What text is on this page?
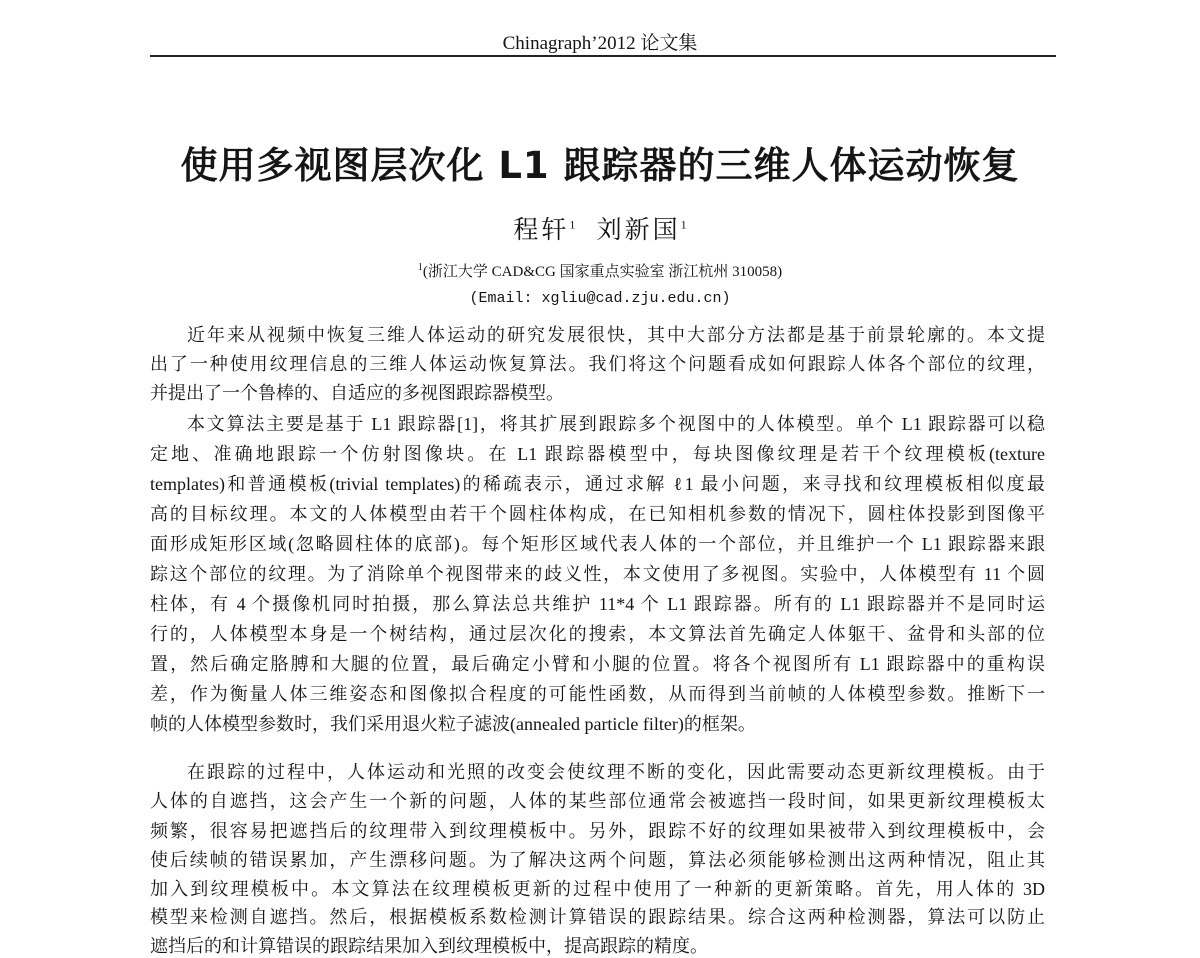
Chinagraph’2012 论文集
使用多视图层次化 L1 跟踪器的三维人体运动恢复
程轩$^1$ 刘新国$^1$
$^1$(浙江大学 CAD&CG 国家重点实验室 浙江杭州 310058)
(Email: xgliu@cad.zju.edu.cn)
近年来从视频中恢复三维人体运动的研究发展很快，其中大部分方法都是基于前景轮廓的。本文提
出了一种使用纹理信息的三维人体运动恢复算法。我们将这个问题看成如何跟踪人体各个部位的纹理，
并提出了一个鲁棒的、自适应的多视图跟踪器模型。
本文算法主要是基于 L1 跟踪器[1]，将其扩展到跟踪多个视图中的人体模型。单个 L1 跟踪器可以稳
定地、准确地跟踪一个仿射图像块。在 L1 跟踪器模型中，每块图像纹理是若干个纹理模板(texture
templates)和普通模板(trivial templates)的稀疏表示，通过求解 ℓ1 最小问题，来寻找和纹理模板相似度最
高的目标纹理。本文的人体模型由若干个圆柱体构成，在已知相机参数的情况下，圆柱体投影到图像平
面形成矩形区域(忽略圆柱体的底部)。每个矩形区域代表人体的一个部位，并且维护一个 L1 跟踪器来跟
踪这个部位的纹理。为了消除单个视图带来的歧义性，本文使用了多视图。实验中，人体模型有 11 个圆
柱体，有 4 个摄像机同时拍摄，那么算法总共维护 11*4 个 L1 跟踪器。所有的 L1 跟踪器并不是同时运
行的，人体模型本身是一个树结构，通过层次化的搜索，本文算法首先确定人体躯干、盆骨和头部的位
置，然后确定胳膊和大腿的位置，最后确定小臂和小腿的位置。将各个视图所有 L1 跟踪器中的重构误
差，作为衡量人体三维姿态和图像拟合程度的可能性函数，从而得到当前帧的人体模型参数。推断下一
帧的人体模型参数时，我们采用退火粒子滤波(annealed particle filter)的框架。
在跟踪的过程中，人体运动和光照的改变会使纹理不断的变化，因此需要动态更新纹理模板。由于
人体的自遮挡，这会产生一个新的问题，人体的某些部位通常会被遮挡一段时间，如果更新纹理模板太
频繁，很容易把遮挡后的纹理带入到纹理模板中。另外，跟踪不好的纹理如果被带入到纹理模板中，会
使后续帧的错误累加，产生漂移问题。为了解决这两个问题，算法必须能够检测出这两种情况，阻止其
加入到纹理模板中。本文算法在纹理模板更新的过程中使用了一种新的更新策略。首先，用人体的 3D
模型来检测自遮挡。然后，根据模板系数检测计算错误的跟踪结果。综合这两种检测器，算法可以防止
遮挡后的和计算错误的跟踪结果加入到纹理模板中，提高跟踪的精度。
